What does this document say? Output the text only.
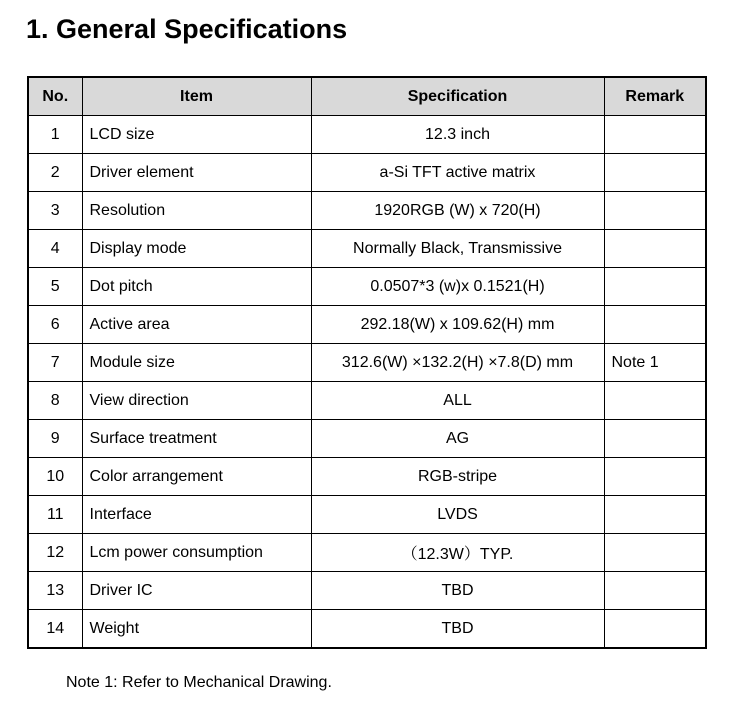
1. General Specifications
No.	Item	Specification	Remark
1	LCD size	12.3 inch	
2	Driver element	a-Si TFT active matrix	
3	Resolution	1920RGB (W) x 720(H)	
4	Display mode	Normally Black, Transmissive	
5	Dot pitch	0.0507*3 (w)x 0.1521(H)	
6	Active area	292.18(W) x 109.62(H) mm	
7	Module size	312.6(W) ×132.2(H) ×7.8(D) mm	Note 1
8	View direction	ALL	
9	Surface treatment	AG	
10	Color arrangement	RGB-stripe	
11	Interface	LVDS	
12	Lcm power consumption	（12.3W）TYP.	
13	Driver IC	TBD	
14	Weight	TBD	

Note 1: Refer to Mechanical Drawing.
